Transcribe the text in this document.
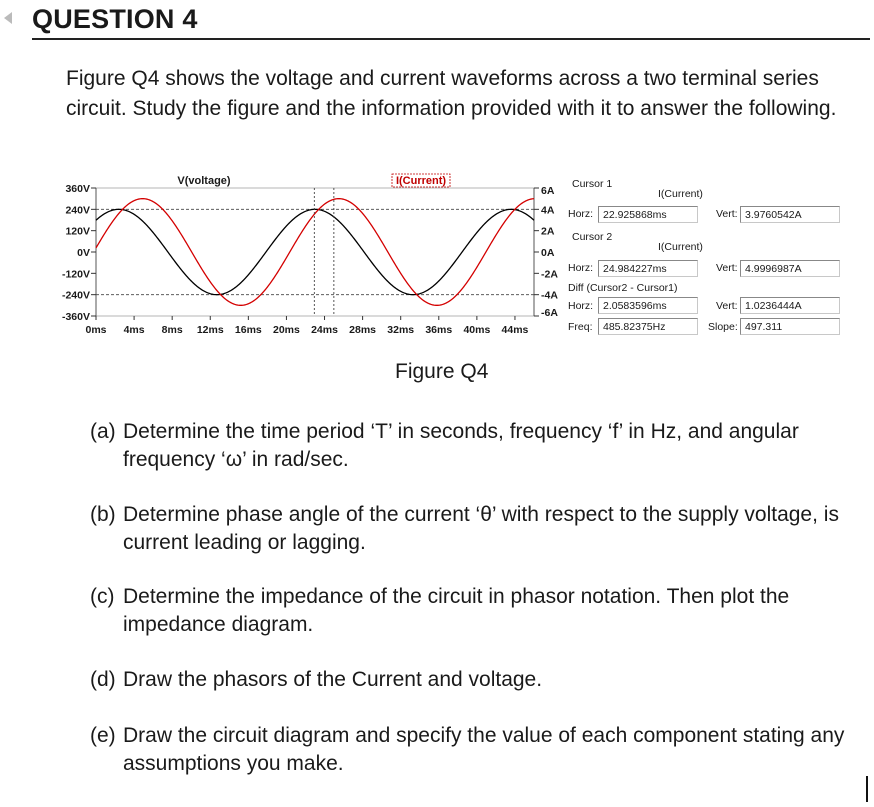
QUESTION 4
Figure Q4 shows the voltage and current waveforms across a two terminal series circuit. Study the figure and the information provided with it to answer the following.
360V
240V
120V
0V
-120V
-240V
-360V
6A
4A
2A
0A
-2A
-4A
-6A
0ms 4ms 8ms 12ms 16ms 20ms 24ms 28ms 32ms 36ms 40ms 44ms
V(voltage)	I(Current)	Cursor 1
I(Current)
Horz: 22.925868ms	Vert: 3.9760542A
Cursor 2
I(Current)
Horz: 24.984227ms	Vert: 4.9996987A
Diff (Cursor2 - Cursor1)
Horz: 2.0583596ms	Vert: 1.0236444A
Freq: 485.82375Hz	Slope: 497.311
Figure Q4
(a) Determine the time period ‘T’ in seconds, frequency ‘f’ in Hz, and angular frequency ‘ω’ in rad/sec.
(b) Determine phase angle of the current ‘θ’ with respect to the supply voltage, is current leading or lagging.
(c) Determine the impedance of the circuit in phasor notation. Then plot the impedance diagram.
(d) Draw the phasors of the Current and voltage.
(e) Draw the circuit diagram and specify the value of each component stating any assumptions you make.
